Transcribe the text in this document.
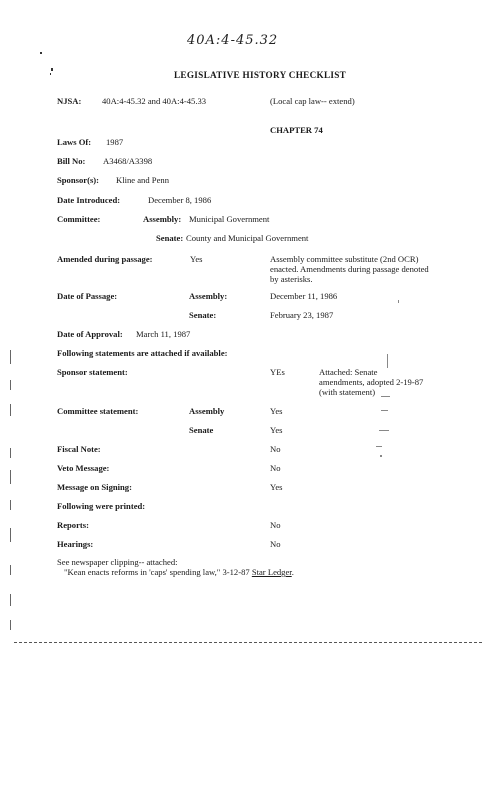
40A:4-45.32
LEGISLATIVE HISTORY CHECKLIST
NJSA: 40A:4-45.32 and 40A:4-45.33	(Local cap law-- extend)
CHAPTER 74
Laws Of: 1987
Bill No: A3468/A3398
Sponsor(s): Kline and Penn
Date Introduced:	December 8, 1986
Committee:	Assembly: Municipal Government
Senate: County and Municipal Government
Amended during passage:	Yes	Assembly committee substitute (2nd OCR) enacted. Amendments during passage denoted by asterisks.
Date of Passage:	Assembly:	December 11, 1986
Senate:	February 23, 1987
Date of Approval: March 11, 1987
Following statements are attached if available:
Sponsor statement:	YEs	Attached: Senate amendments, adopted 2-19-87 (with statement)
Committee statement:	Assembly	Yes
Senate	Yes
Fiscal Note:	No
Veto Message:	No
Message on Signing:	Yes
Following were printed:
Reports:	No
Hearings:	No
See newspaper clipping-- attached:
"Kean enacts reforms in 'caps' spending law," 3-12-87 Star Ledger.
